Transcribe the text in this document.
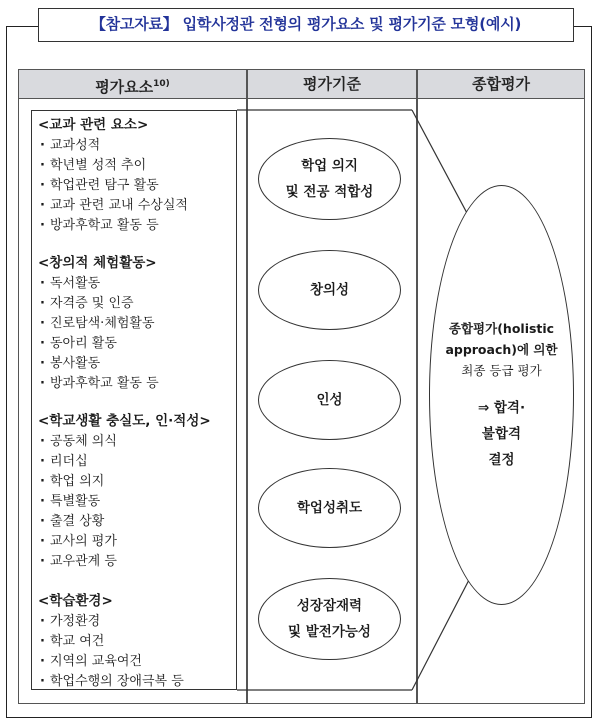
【참고자료】 입학사정관 전형의 평가요소 및 평가기준 모형(예시)
평가요소$^{10)}$	평가기준	종합평가
<교과 관련 요소>
· 교과성적
· 학년별 성적 추이
· 학업관련 탐구 활동
· 교과 관련 교내 수상실적
· 방과후학교 활동 등
<창의적 체험활동>
· 독서활동
· 자격증 및 인증
· 진로탐색·체험활동
· 동아리 활동
· 봉사활동
· 방과후학교 활동 등
<학교생활 충실도, 인·적성>
· 공동체 의식
· 리더십
· 학업 의지
· 특별활동
· 출결 상황
· 교사의 평가
· 교우관계 등
<학습환경>
· 가정환경
· 학교 여건
· 지역의 교육여건
· 학업수행의 장애극복 등
학업 의지
및 전공 적합성
창의성
인성
학업성취도
성장잠재력
및 발전가능성
종합평가(holistic
approach)에 의한
최종 등급 평가
⇒ 합격·
불합격
결정
